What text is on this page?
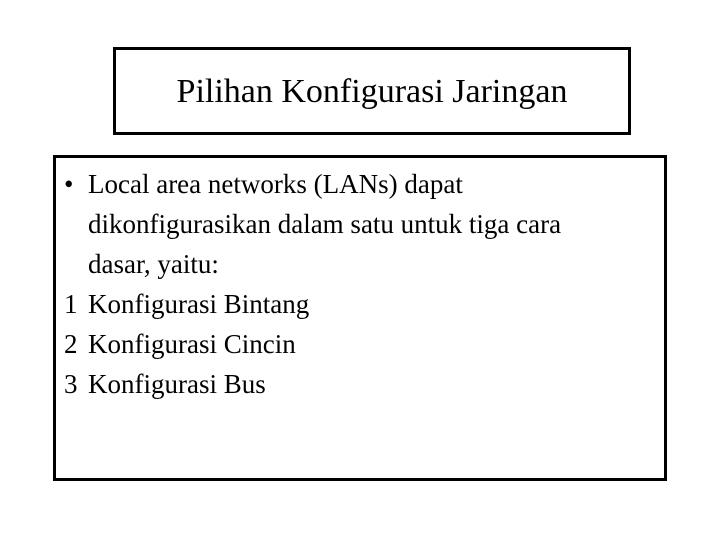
Pilihan Konfigurasi Jaringan
• Local area networks (LANs) dapat
dikonfigurasikan dalam satu untuk tiga cara
dasar, yaitu:
1 Konfigurasi Bintang
2 Konfigurasi Cincin
3 Konfigurasi Bus
